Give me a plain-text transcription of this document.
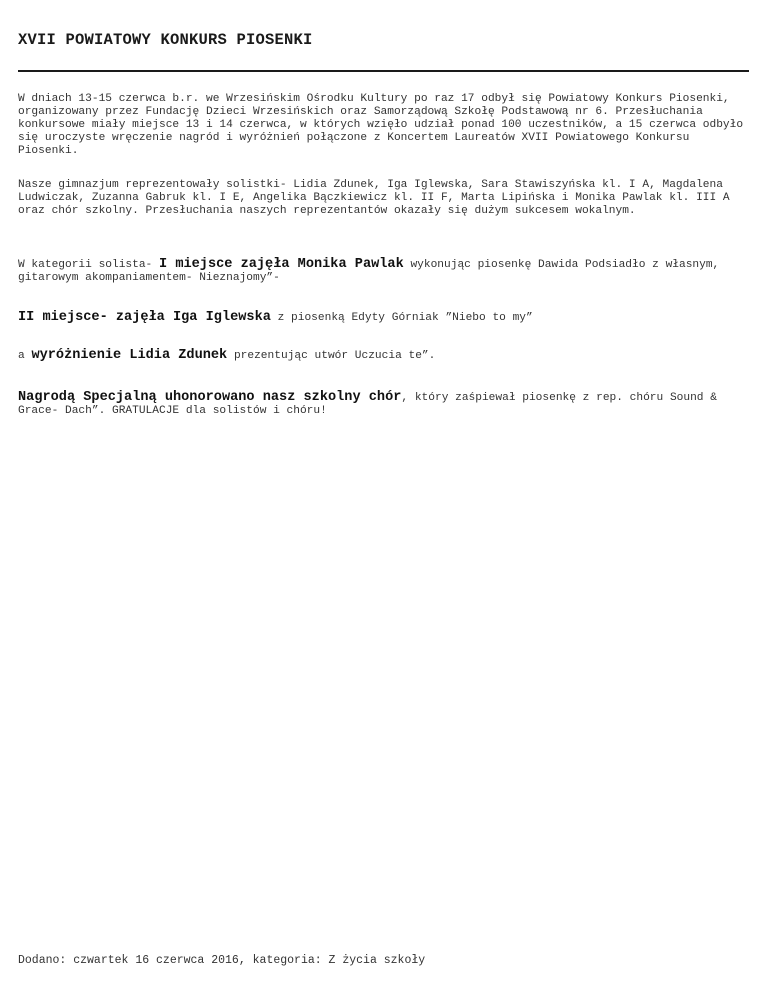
XVII POWIATOWY KONKURS PIOSENKI
W dniach 13-15 czerwca b.r. we Wrzesińskim Ośrodku Kultury po raz 17 odbył się Powiatowy Konkurs Piosenki, organizowany przez Fundację Dzieci Wrzesińskich oraz Samorządową Szkołę Podstawową nr 6. Przesłuchania konkursowe miały miejsce 13 i 14 czerwca, w których wzięło udział ponad 100 uczestników, a 15 czerwca odbyło się uroczyste wręczenie nagród i wyróżnień połączone z Koncertem Laureatów XVII Powiatowego Konkursu Piosenki.
Nasze gimnazjum reprezentowały solistki- Lidia Zdunek, Iga Iglewska, Sara Stawiszyńska kl. I A, Magdalena Ludwiczak, Zuzanna Gabruk kl. I E, Angelika Bączkiewicz kl. II F, Marta Lipińska i Monika Pawlak kl. III A oraz chór szkolny. Przesłuchania naszych reprezentantów okazały się dużym sukcesem wokalnym.
W kategorii solista- I miejsce zajęła Monika Pawlak wykonując piosenkę Dawida Podsiadło z własnym, gitarowym akompaniamentem- Nieznajomy”-
II miejsce- zajęła Iga Iglewska z piosenką Edyty Górniak ”Niebo to my”
a wyróżnienie Lidia Zdunek prezentując utwór Uczucia te”.
Nagrodą Specjalną uhonorowano nasz szkolny chór, który zaśpiewał piosenkę z rep. chóru Sound & Grace- Dach”. GRATULACJE dla solistów i chóru!
Dodano: czwartek 16 czerwca 2016, kategoria: Z życia szkoły
